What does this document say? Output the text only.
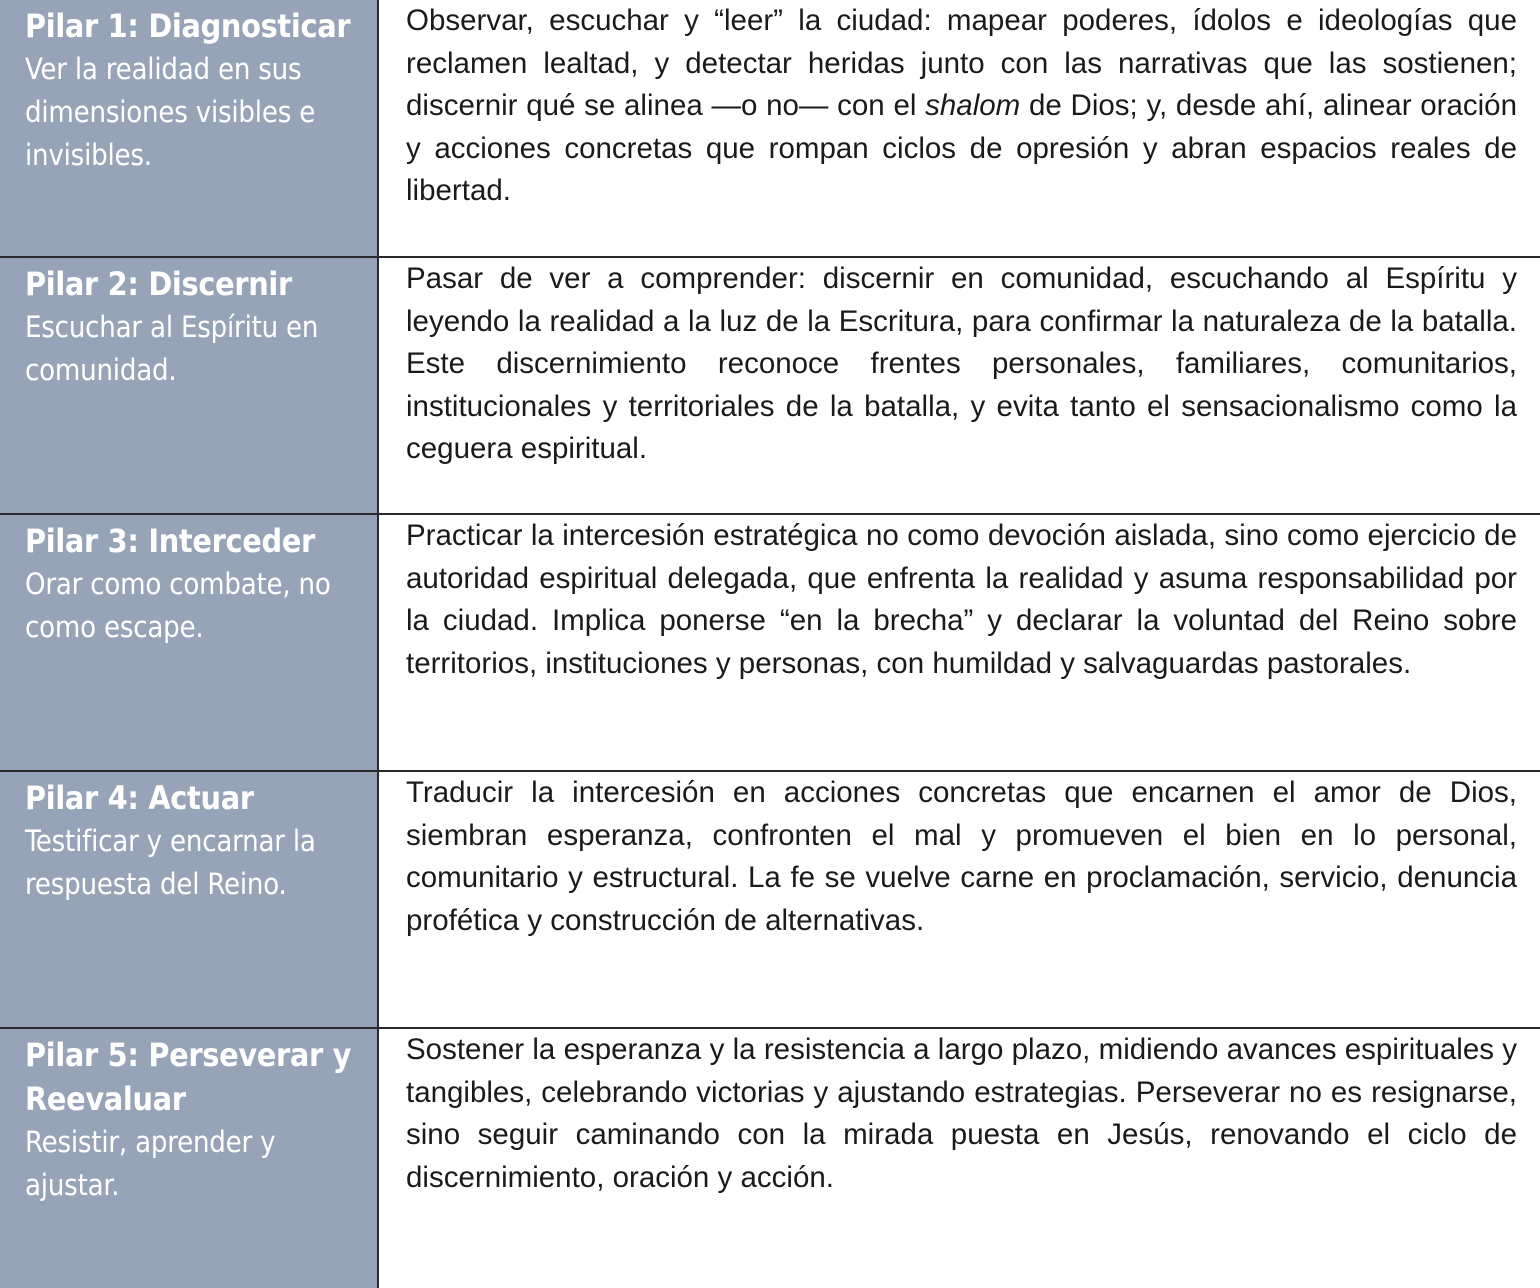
Pilar 1: Diagnosticar
Ver la realidad en sus dimensiones visibles e invisibles.	Observar, escuchar y “leer” la ciudad: mapear poderes, ídolos e ideologías que reclamen lealtad, y detectar heridas junto con las narrativas que las sostienen; discernir qué se alinea —o no— con el shalom de Dios; y, desde ahí, alinear oración y acciones concretas que rompan ciclos de opresión y abran espacios reales de libertad.

Pilar 2: Discernir
Escuchar al Espíritu en comunidad.	Pasar de ver a comprender: discernir en comunidad, escuchando al Espíritu y leyendo la realidad a la luz de la Escritura, para confirmar la naturaleza de la batalla. Este discernimiento reconoce frentes personales, familiares, comunitarios, institucionales y territoriales de la batalla, y evita tanto el sensacionalismo como la ceguera espiritual.

Pilar 3: Interceder
Orar como combate, no como escape.	Practicar la intercesión estratégica no como devoción aislada, sino como ejercicio de autoridad espiritual delegada, que enfrenta la realidad y asuma responsabilidad por la ciudad. Implica ponerse “en la brecha” y declarar la voluntad del Reino sobre territorios, instituciones y personas, con humildad y salvaguardas pastorales.

Pilar 4: Actuar
Testificar y encarnar la respuesta del Reino.	Traducir la intercesión en acciones concretas que encarnen el amor de Dios, siembran esperanza, confronten el mal y promueven el bien en lo personal, comunitario y estructural. La fe se vuelve carne en proclamación, servicio, denuncia profética y construcción de alternativas.

Pilar 5: Perseverar y Reevaluar
Resistir, aprender y ajustar.	Sostener la esperanza y la resistencia a largo plazo, midiendo avances espirituales y tangibles, celebrando victorias y ajustando estrategias. Perseverar no es resignarse, sino seguir caminando con la mirada puesta en Jesús, renovando el ciclo de discernimiento, oración y acción.
